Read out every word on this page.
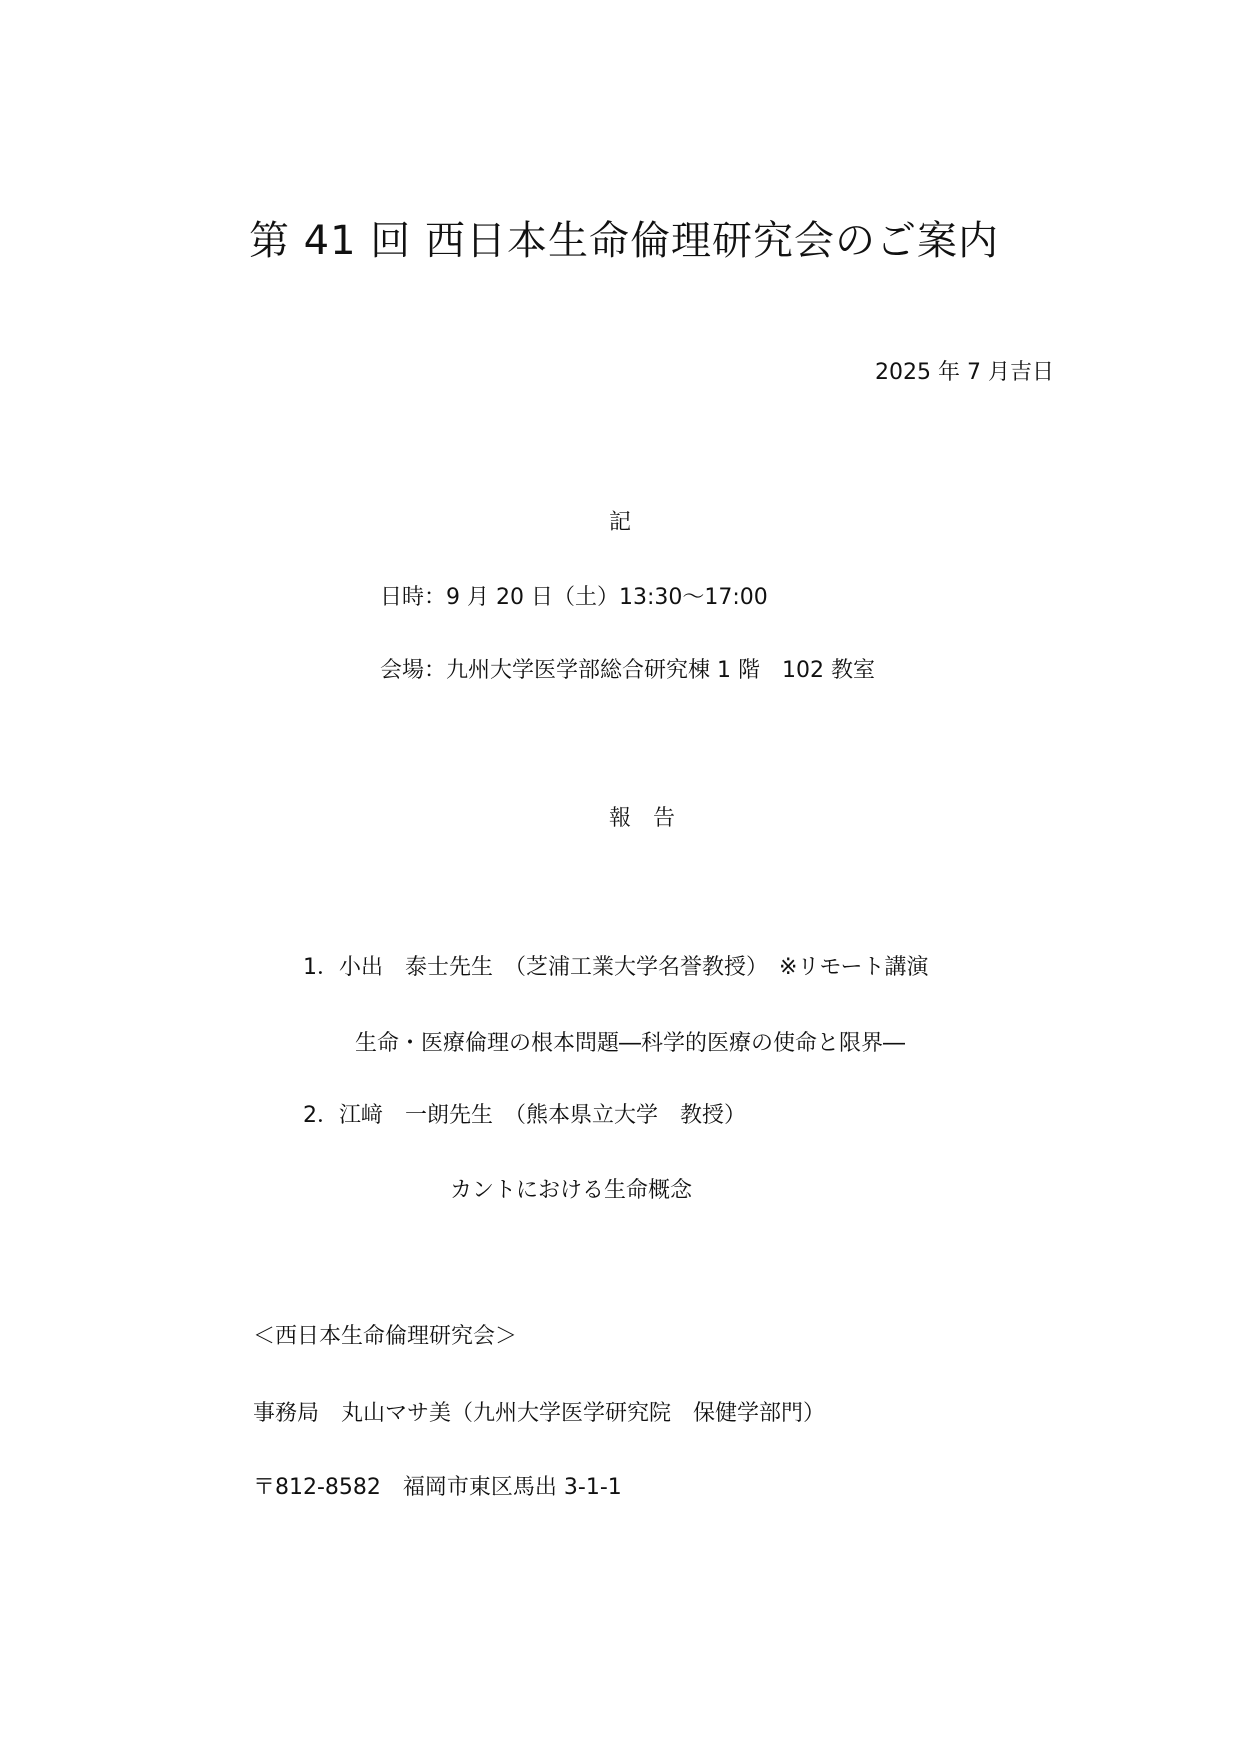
第 41 回 西日本生命倫理研究会のご案内
2025 年 7 月吉日
記
日時：9 月 20 日（土）13:30～17:00
会場：九州大学医学部総合研究棟 1 階　102 教室
報　告
1．小出　泰士先生　（芝浦工業大学名誉教授）　※リモート講演
生命・医療倫理の根本問題―科学的医療の使命と限界―
2．江﨑　一朗先生　（熊本県立大学　教授）
カントにおける生命概念
＜西日本生命倫理研究会＞
事務局　丸山マサ美（九州大学医学研究院　保健学部門）
〒812-8582　福岡市東区馬出 3-1-1
